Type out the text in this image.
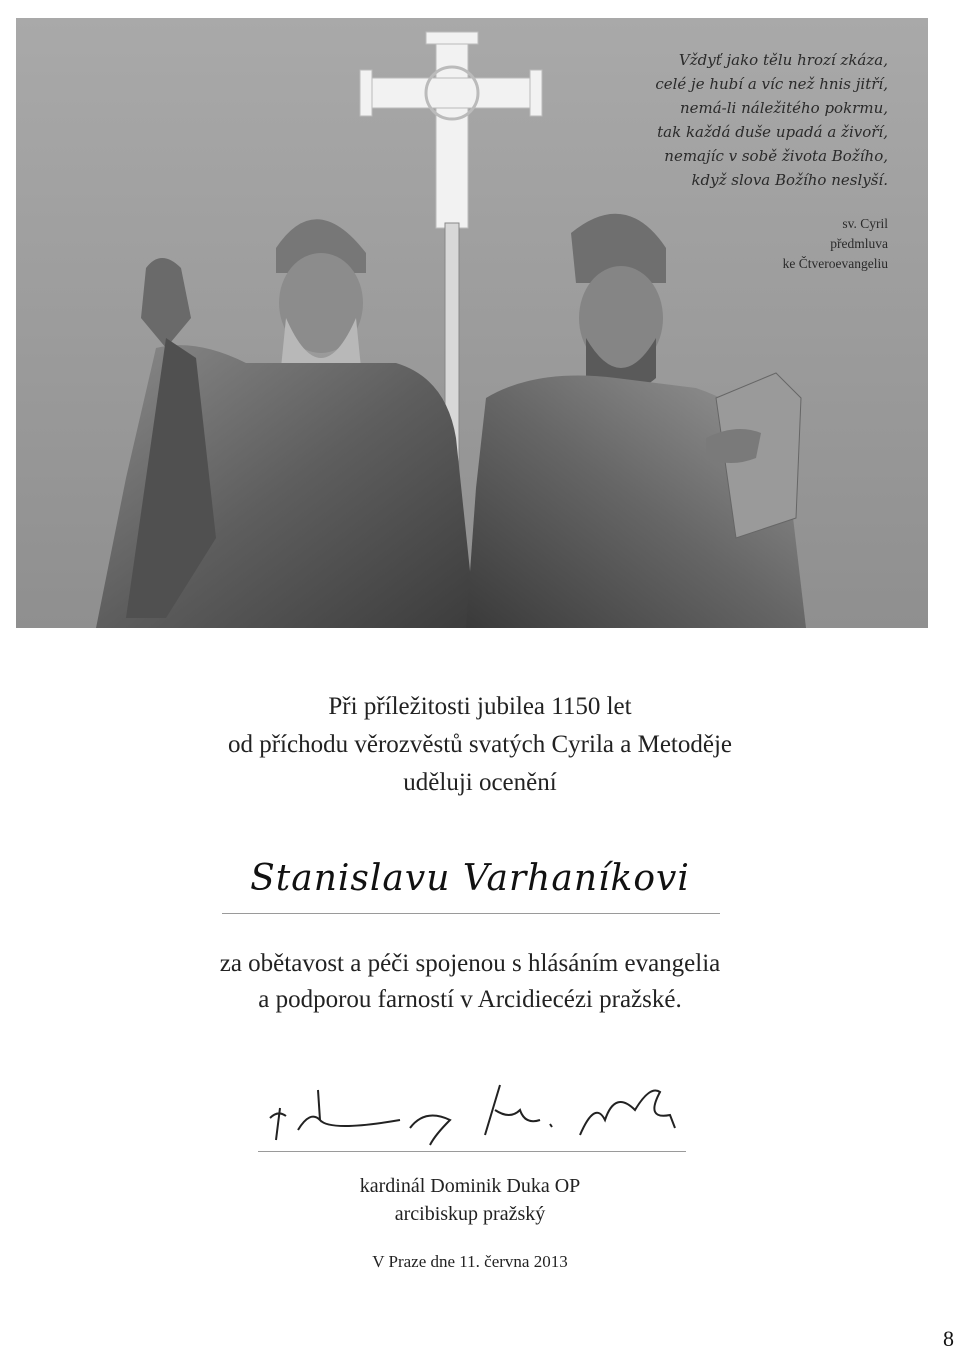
Vždyť jako tělu hrozí zkáza,
celé je hubí a víc než hnis jitří,
nemá-li náležitého pokrmu,
tak každá duše upadá a živoří,
nemajíc v sobě života Božího,
když slova Božího neslyší.
sv. Cyril
předmluva
ke Čtveroevangeliu
Při příležitosti jubilea 1150 let
od příchodu věrozvěstů svatých Cyrila a Metoděje
uděluji ocenění
Stanislavu Varhaníkovi
za obětavost a péči spojenou s hlásáním evangelia
a podporou farností v Arcidiecézi pražské.
kardinál Dominik Duka OP
arcibiskup pražský
V Praze dne 11. června 2013
8
